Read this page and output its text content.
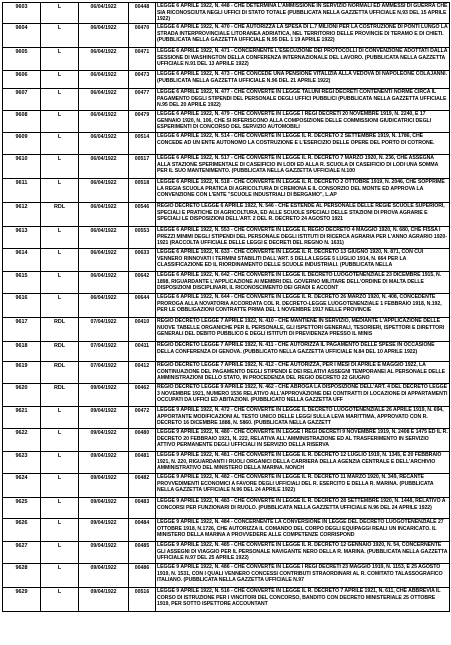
9603	L	06/04/1922	00448	LEGGE 6 APRILE 1922, N. 448 - CHE DETERMINA L'AMMISSIONE IN SERVIZIO NORMALI ED AMMESSI DI GUERRA CHE SIA RICONOSCIUTA NEGLI UFFICI DI STATO TOTALE (PUBBLICATA NELLA GAZZETTA UFFICIALE N.93 DEL 15 APRILE 1922)
9604	L	06/04/1922	00470	LEGGE 6 APRILE 1922, N. 470 - CHE AUTORIZZA LA SPESA DI L.7 MILIONI PER LA COSTRUZIONE DI PONTI LUNGO LA STRADA INTERPROVINCIALE LITORANEA ADRIATICA, NEL TERRITORIO DELLE PROVINCIE DI TERAMO E DI CHIETI. (PUBBLICATA NELLA GAZZETTA UFFICIALE N.95 DEL 1 19 APRILE 1922)
9605	L	06/04/1922	00471	LEGGE 6 APRILE 1922, N. 471 - CONCERNENTE L'ESECUZIONE DEI PROTOCOLLI DI CONVENZIONE ADOTTATI DALLA SESSIONE DI WASHINGTON DELLA CONFERENZA INTERNAZIONALE DEL LAVORO. (PUBBLICATA NELLA GAZZETTA UFFICIALE N.91 DEL 13 APRILE 1922)
9606	L	06/04/1922	00473	LEGGE 6 APRILE 1922, N. 473 - CHE CONCEDE UNA PENSIONE VITALIZIA ALLA VEDOVA DI NAPOLEONE COLAJANNI. (PUBBLICATA NELLA GAZZETTA UFFICIALE N.96 DEL 21 APRILE 1922)
9607	L	06/04/1922	00477	LEGGE 6 APRILE 1922, N. 477 - CHE CONVERTE IN LEGGE TALUNI REGI DECRETI CONTENENTI NORME CIRCA IL PAGAMENTO DEGLI STIPENDI DEL PERSONALE DEGLI UFFICI PUBBLICI (PUBBLICATA NELLA GAZZETTA UFFICIALE N.95 DEL 20 APRILE 1922)
9608	L	06/04/1922	00479	LEGGE 6 APRILE 1922, N. 479 - CHE CONVERTE IN LEGGE I REGI DECRETI 20 NOVEMBRE 1919, N. 2240, E 17 GENNAIO 1920, N. 106, CHE SI RIFERISCONO ALLA COMPOSIZIONE DELLE COMMISSIONI GIUDICATRICI DEGLI ESPERIMENTI DI CONCORSO DEL SERVIZIO AUTOMOBILI
9609	L	06/04/1922	00514	LEGGE 6 APRILE 1922, N. 514 - CHE CONVERTE IN LEGGE IL R. DECRETO 2 SETTEMBRE 1919, N. 1786, CHE CONCEDE AD UN ENTE AUTONOMO LA COSTRUZIONE E L'ESERCIZIO DELLE OPERE DEL PORTO DI COTRONE.
9610	L	06/04/1922	00517	LEGGE 6 APRILE 1922, N. 517 - CHE CONVERTE IN LEGGE IL R. DECRETO 7 MARZO 1920, N. 236, CHE ASSEGNA ALLA STAZIONE SPERIMENTALE DI CASEIFICIO IN LODI ED ALLA R. SCUOLA DI CASEIFICIO DI LODI UNA SOMMA PER IL SUO MANTENIMENTO. (PUBBLICATA NELLA GAZZETTA UFFICIALE N.100
9611	L	06/04/1922	00518	LEGGE 6 APRILE 1922, N. 518 - CHE CONVERTE IN LEGGE IL R. DECRETO 2 OTTOBRE 1919, N. 2046, CHE SOPPRIME LA REGIA SCUOLA PRATICA DI AGRICOLTURA DI CREMONA E IL CONSORZIO DEL MONTE ED APPROVA LA CONVENZIONE CON L'ENTE "SCUOLE INDUSTRIALI DI BERGAMO", L.AP
9612	RDL	06/04/1922	00546	REGIO DECRETO LEGGE 6 APRILE 1922, N. 546 - CHE ESTENDE AL PERSONALE DELLE REGIE SCUOLE SUPERIORI, SPECIALI E PRATICHE DI AGRICOLTURA, ED ALLE SCUOLE SPECIALI DELLE STAZIONI DI PROVA AGRARIE E SPECIALI LE DISPOSIZIONI DELL'ART. 2 DEL R. DECRETO 24 AGOSTO 1921
9613	L	06/04/1922	00553	LEGGE 6 APRILE 1922, N. 553 - CHE CONVERTE IN LEGGE IL REGIO DECRETO 4 MAGGIO 1920, N. 680, CHE FISSA I PREZZI MINIMI DEGLI STIPENDI DEL PERSONALE DEGLI ISTITUTI DI RICERCA AGRARIA PER L'ANNO AGRARIO 1920-1921 (RACCOLTA UFFICIALE DELLE LEGGI E DECRETI DEL REGNO N. 1631)
9614	L	06/04/1922	00633	LEGGE 6 APRILE 1922, N. 633 - CHE CONVERTE IN LEGGE IL R. DECRETO 13 GIUGNO 1920, N. 871, CON CUI VENNERO RINNOVATI I TERMINI STABILITI DALL'ART. 5 DELLA LEGGE 5 LUGLIO 1914, N. 664 PER LA CLASSIFICAZIONE ED IL RIORDINAMENTO DELLE SCUOLE INDUSTRIALI. (PUBBLICATA NELLA
9615	L	06/04/1922	00642	LEGGE 6 APRILE 1922, N. 642 - CHE CONVERTE IN LEGGE IL DECRETO LUOGOTENENZIALE 23 DICEMBRE 1915, N. 1898, RIGUARDANTE L'APPLICAZIONE AI MEMBRI DEL GOVERNO MILITARE DELL'ORDINE DI MALTA DELLE DISPOSIZIONI DISCIPLINARI, IL RICONOSCIMENTO DEI GRADI E ACCONT
9616	L	06/04/1922	00644	LEGGE 6 APRILE 1922, N. 644 - CHE CONVERTE IN LEGGE IL R. DECRETO 26 MARZO 1920, N. 408, CONCEDENTE PROROGA ALLA NOVATORIA ACCORDATA COL R. DECRETO-LEGGE LUOGOTENENZIALE 1 FEBBRAIO 1918, N.192, PER LE OBBLIGAZIONI CONTRATTE PRIMA DEL 1 NOVEMBRE 1917 NELLE PROVINCIE
9617	RDL	07/04/1922	00410	REGIO DECRETO LEGGE 7 APRILE 1922, N. 410 - CHE MANTIENE IN SERVIZIO, MEDIANTE L'APPLICAZIONE DELLE NUOVE TABELLE ORGANICHE PER IL PERSONALE, GLI ISPETTORI GENERALI, TESORIERI, ISPETTORI E DIRETTORI GENERALI DEL DEBITO PUBBLICO E DEGLI ISTITUTI DI PREVIDENZA PRESSO IL MINIS
9618	RDL	07/04/1922	00411	REGIO DECRETO LEGGE 7 APRILE 1922, N. 411 - CHE AUTORIZZA IL PAGAMENTO DELLE SPESE IN OCCASIONE DELLA CONFERENZA DI GENOVA. (PUBBLICATO NELLA GAZZETTA UFFICIALE N.84 DEL 10 APRILE 1922)
9619	RDL	07/04/1922	00412	REGIO DECRETO LEGGE 7 APRILE 1922, N. 412 - CHE AUTORIZZA, PER I MESI DI APRILE E MAGGIO 1922, LA CONTINUAZIONE DEL PAGAMENTO DEGLI STIPENDI E DEI RELATIVI ASSEGNI TEMPORANEI AL PERSONALE DELLE AMMINISTRAZIONI DELLO STATO, IN PROCEDENZA DEL REGIO DECRETO 22 GIUGNO
9620	RDL	09/04/1922	00462	REGIO DECRETO LEGGE 9 APRILE 1922, N. 462 - CHE ABROGA LA DISPOSIZIONE DELL'ART. 4 DEL DECRETO LEGGE 3 NOVEMBRE 1921, NUMERO 1536 RELATIVO ALL'APPROVAZIONE DEI CONTRATTI DI LOCAZIONE DI APPARTAMENTI OCCUPATI DA UFFICI ED ABITAZIONI. (PUBBLICATO NELLA GAZZETTA UFF
9621	L	09/04/1922	00472	LEGGE 9 APRILE 1922, N. 472 - CHE CONVERTE IN LEGGE IL DECRETO LUOGOTENENZIALE 26 APRILE 1919, N. 694, APPORTANTE MODIFICAZIONI AL TESTO UNICO DELLE LEGGI SULLA LEVA MARITTIMA, APPROVATO CON R. DECRETO 16 DICEMBRE 1888, N. 5860. (PUBBLICATA NELLA GAZZETT
9622	L	09/04/1922	00480	LEGGE 9 APRILE 1922, N. 480 - CHE CONVERTE IN LEGGE I REGI DECRETI 9 NOVEMBRE 1919, N. 2408 E 1475 ED IL R. DECRETO 20 FEBBRAIO 1921, N. 222, RELATIVA ALL'AMMINISTRAZIONE ED AL TRASFERIMENTO IN SERVIZIO ATTIVO PERMANENTE DEGLI UFFICIALI IN SERVIZIO DELLA RISERVA
9623	L	09/04/1922	00481	LEGGE 9 APRILE 1922, N. 481 - CHE CONVERTE IN LEGGE IL R. DECRETO 12 LUGLIO 1919, N. 1345, E 20 FEBBRAIO 1921, N. 220, RIGUARDANTI I RUOLI ORGANICI DELLA CARRIERA DELLA AGENZIA CENTRALE E DELL'ARCHIVIO AMMINISTRATIVO DEL MINISTERO DELLA MARINA. NONCH
9624	L	09/04/1922	00482	LEGGE 9 APRILE 1922, N. 482 - CHE CONVERTE IN LEGGE IL R. DECRETO 11 MARZO 1920, N. 349, RECANTE PROVVEDIMENTI ECONOMICI A FAVORE DEGLI UFFICIALI DEL R. ESERCITO E DELLA R. MARINA. (PUBBLICATA NELLA GAZZETTA UFFICIALE N.96 DEL 24 APRILE 1922)
9625	L	09/04/1922	00483	LEGGE 9 APRILE 1922, N. 483 - CHE CONVERTE IN LEGGE IL R. DECRETO 28 SETTEMBRE 1920, N. 1448, RELATIVO A CONCORSI PER FUNZIONARI DI RUOLO. (PUBBLICATA NELLA GAZZETTA UFFICIALE N.96 DEL 24 APRILE 1922)
9626	L	09/04/1922	00484	LEGGE 9 APRILE 1922, N. 484 - CONCERNENTE LA CONVERSIONE IN LEGGE DEL DECRETO LUOGOTENENZIALE 27 OTTOBRE 1918, N.1726, CHE AUTORIZZA IL COMANDO DEL CORPO DEGLI EQUIPAGGI REALI UN INCARICATO. IL MINISTERO DELLA MARINA A PROVVEDERE ALLE COMPETENZE CORRISPOND
9627	L	09/04/1922	00485	LEGGE 9 APRILE 1922, N. 485 - CHE CONVERTE IN LEGGE IL R. DECRETO 12 GENNAIO 1920, N. 54, CONCERNENTE GLI ASSEGNI DI VIAGGIO PER IL PERSONALE NAVIGANTE NERO DELLA R. MARINA. (PUBBLICATA NELLA GAZZETTA UFFICIALE N.97 DEL 25 APRILE 1922)
9628	L	09/04/1922	00486	LEGGE 9 APRILE 1922, N. 486 - CHE CONVERTE IN LEGGE I REGI DECRETI 23 MAGGIO 1919, N. 1153, E 25 AGOSTO 1919, N. 1531, CON I QUALI VENNERO CONCESSI CONTRIBUTI STRAORDINARI AL R. COMITATO TALASSOGRAFICO ITALIANO. (PUBBLICATA NELLA GAZZETTA UFFICIALE N.97
9629	L	09/04/1922	00516	LEGGE 9 APRILE 1922, N. 516 - CHE CONVERTE IN LEGGE IL R. DECRETO 7 APRILE 1921, N. 611, CHE ABBREVIA IL CORSO DI ISTRUZIONE PER I VINCITORI DEL CONCORSO, BANDITO CON DECRETO MINISTERIALE 25 OTTOBRE 1919, PER SOTTO ISPETTORE ACCOUNTANT
